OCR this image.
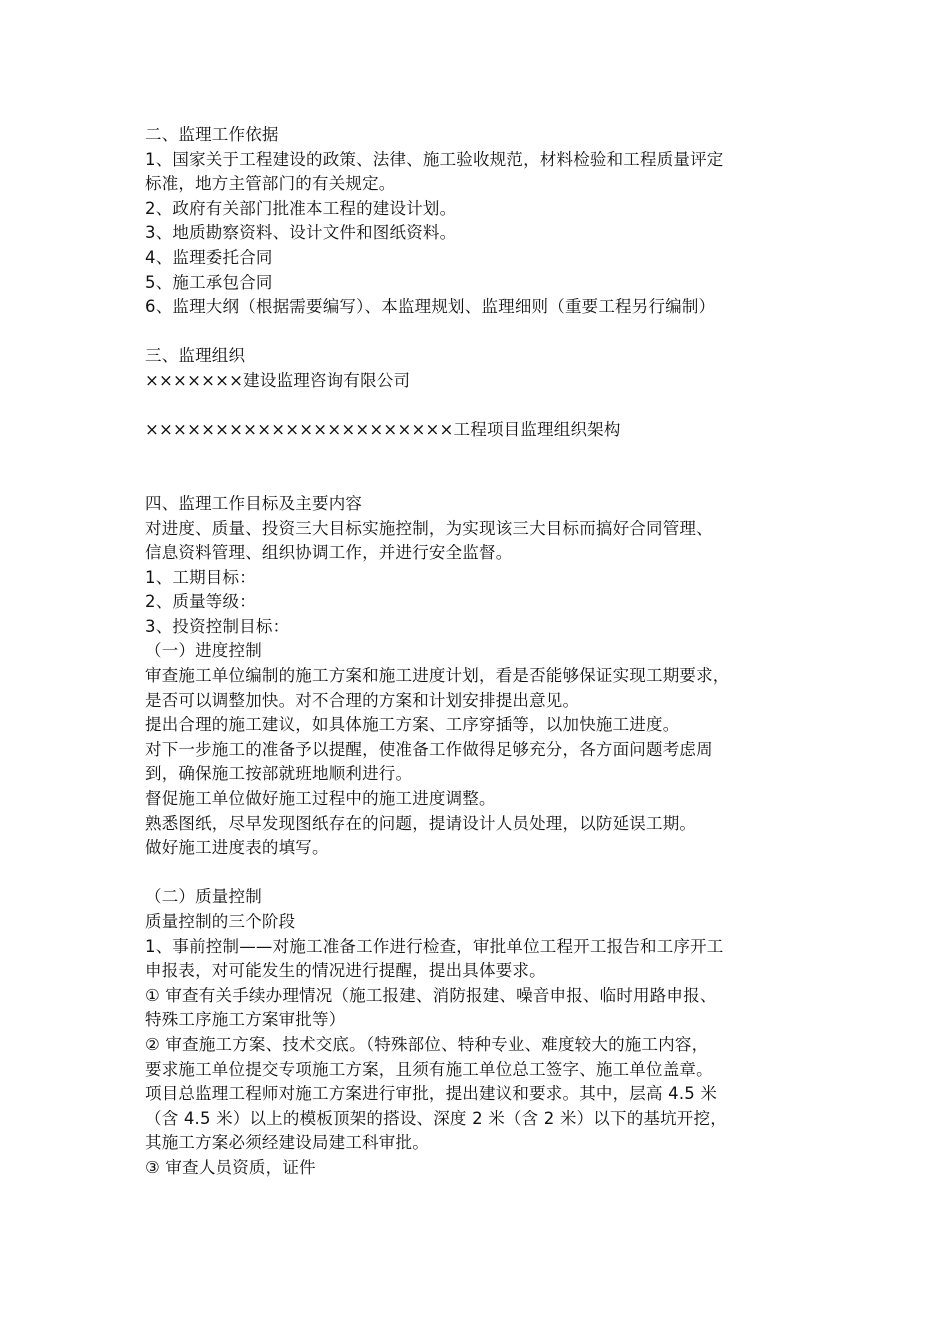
二、监理工作依据
1、国家关于工程建设的政策、法律、施工验收规范，材料检验和工程质量评定
标准，地方主管部门的有关规定。
2、政府有关部门批准本工程的建设计划。
3、地质勘察资料、设计文件和图纸资料。
4、监理委托合同
5、施工承包合同
6、监理大纲（根据需要编写）、本监理规划、监理细则（重要工程另行编制）
三、监理组织
×××××××建设监理咨询有限公司
××××××××××××××××××××××工程项目监理组织架构
四、监理工作目标及主要内容
对进度、质量、投资三大目标实施控制，为实现该三大目标而搞好合同管理、
信息资料管理、组织协调工作，并进行安全监督。
1、工期目标：
2、质量等级：
3、投资控制目标：
（一）进度控制
审查施工单位编制的施工方案和施工进度计划，看是否能够保证实现工期要求，
是否可以调整加快。对不合理的方案和计划安排提出意见。
提出合理的施工建议，如具体施工方案、工序穿插等，以加快施工进度。
对下一步施工的准备予以提醒，使准备工作做得足够充分，各方面问题考虑周
到，确保施工按部就班地顺利进行。
督促施工单位做好施工过程中的施工进度调整。
熟悉图纸，尽早发现图纸存在的问题，提请设计人员处理，以防延误工期。
做好施工进度表的填写。
（二）质量控制
质量控制的三个阶段
1、事前控制——对施工准备工作进行检查，审批单位工程开工报告和工序开工
申报表，对可能发生的情况进行提醒，提出具体要求。
① 审查有关手续办理情况（施工报建、消防报建、噪音申报、临时用路申报、
特殊工序施工方案审批等）
② 审查施工方案、技术交底。（特殊部位、特种专业、难度较大的施工内容，
要求施工单位提交专项施工方案，且须有施工单位总工签字、施工单位盖章。
项目总监理工程师对施工方案进行审批，提出建议和要求。其中，层高 4.5 米
（含 4.5 米）以上的模板顶架的搭设、深度 2 米（含 2 米）以下的基坑开挖，
其施工方案必须经建设局建工科审批。
③ 审查人员资质，证件
